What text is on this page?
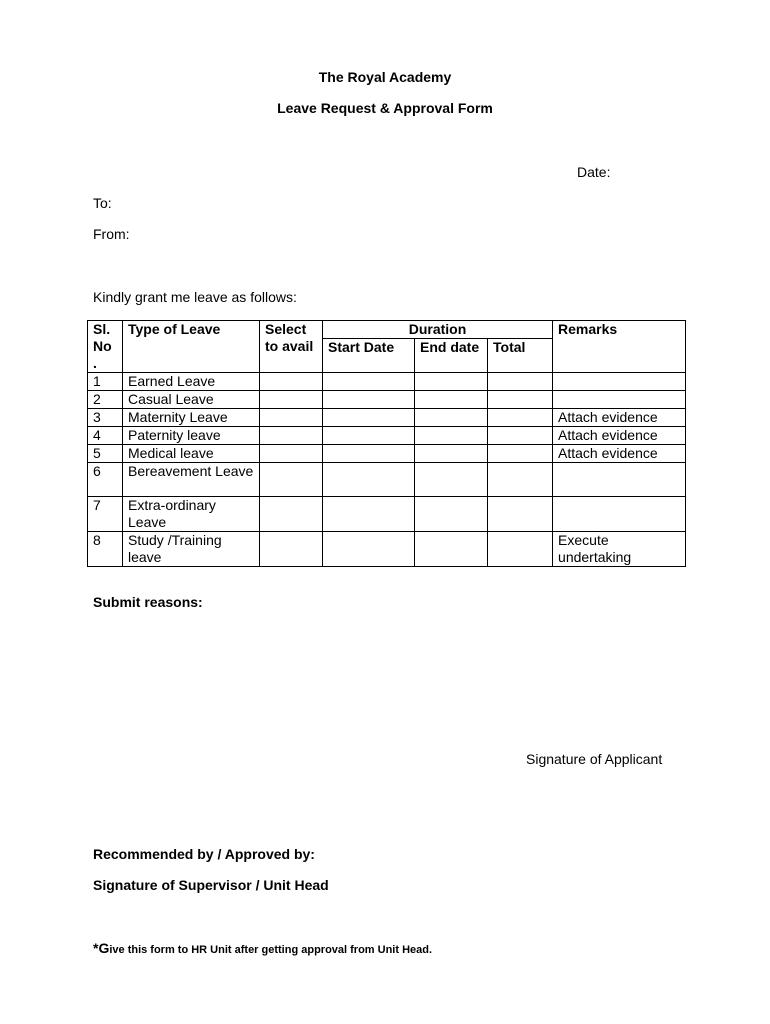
The Royal Academy
Leave Request & Approval Form
Date:
To:
From:
Kindly grant me leave as follows:
Sl. No .	Type of Leave	Select to avail	Duration			Remarks
			Start Date	End date	Total	
1	Earned Leave					
2	Casual Leave					
3	Maternity Leave					Attach evidence
4	Paternity leave					Attach evidence
5	Medical leave					Attach evidence
6	Bereavement Leave					
7	Extra-ordinary Leave					
8	Study /Training leave					Execute undertaking
Submit reasons:
Signature of Applicant
Recommended by / Approved by:
Signature of Supervisor / Unit Head
*Give this form to HR Unit after getting approval from Unit Head.
